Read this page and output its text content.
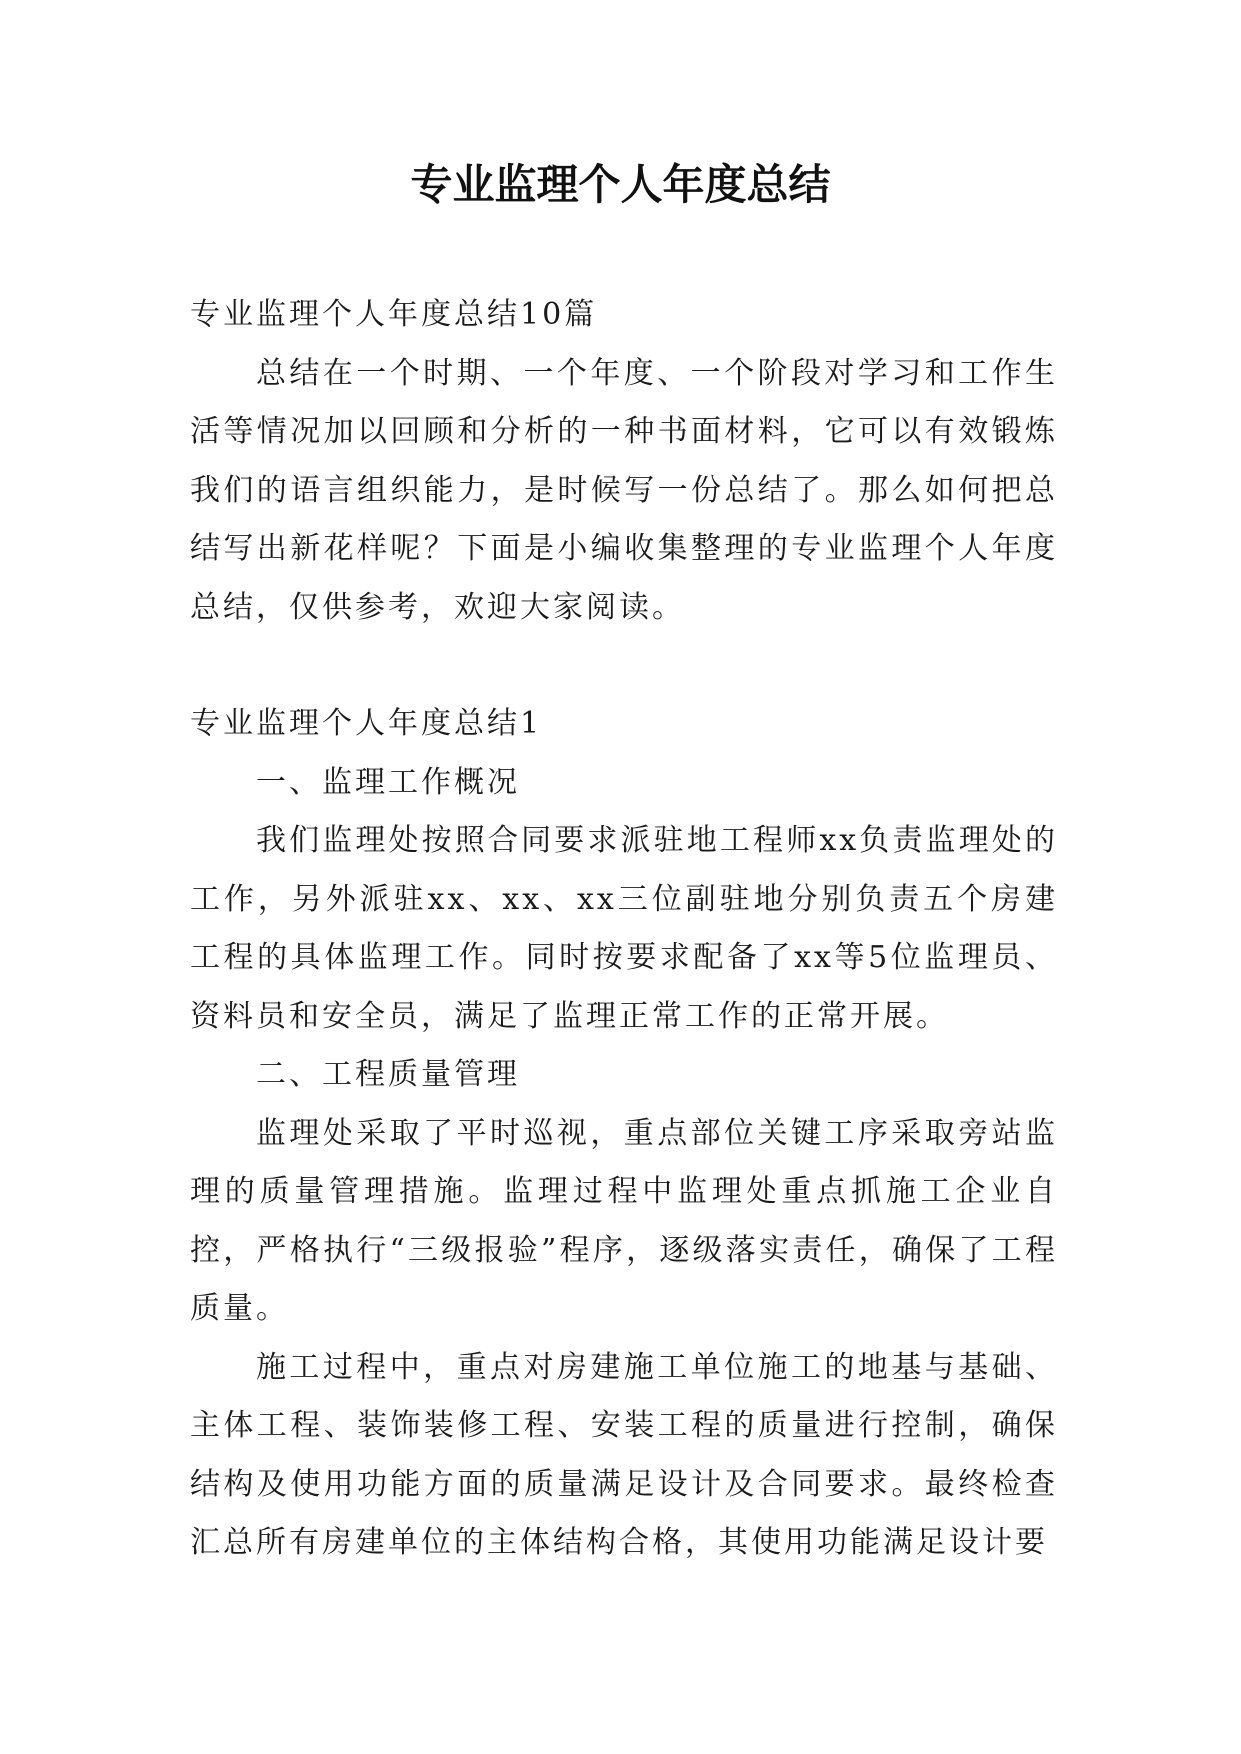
专业监理个人年度总结

专业监理个人年度总结10篇

总结在一个时期、一个年度、一个阶段对学习和工作生活等情况加以回顾和分析的一种书面材料，它可以有效锻炼我们的语言组织能力，是时候写一份总结了。那么如何把总结写出新花样呢？下面是小编收集整理的专业监理个人年度总结，仅供参考，欢迎大家阅读。

专业监理个人年度总结1

一、监理工作概况

我们监理处按照合同要求派驻地工程师xx负责监理处的工作，另外派驻xx、xx、xx三位副驻地分别负责五个房建工程的具体监理工作。同时按要求配备了xx等5位监理员、资料员和安全员，满足了监理正常工作的正常开展。

二、工程质量管理

监理处采取了平时巡视，重点部位关键工序采取旁站监理的质量管理措施。监理过程中监理处重点抓施工企业自控，严格执行“三级报验”程序，逐级落实责任，确保了工程质量。

施工过程中，重点对房建施工单位施工的地基与基础、主体工程、装饰装修工程、安装工程的质量进行控制，确保结构及使用功能方面的质量满足设计及合同要求。最终检查汇总所有房建单位的主体结构合格，其使用功能满足设计要
